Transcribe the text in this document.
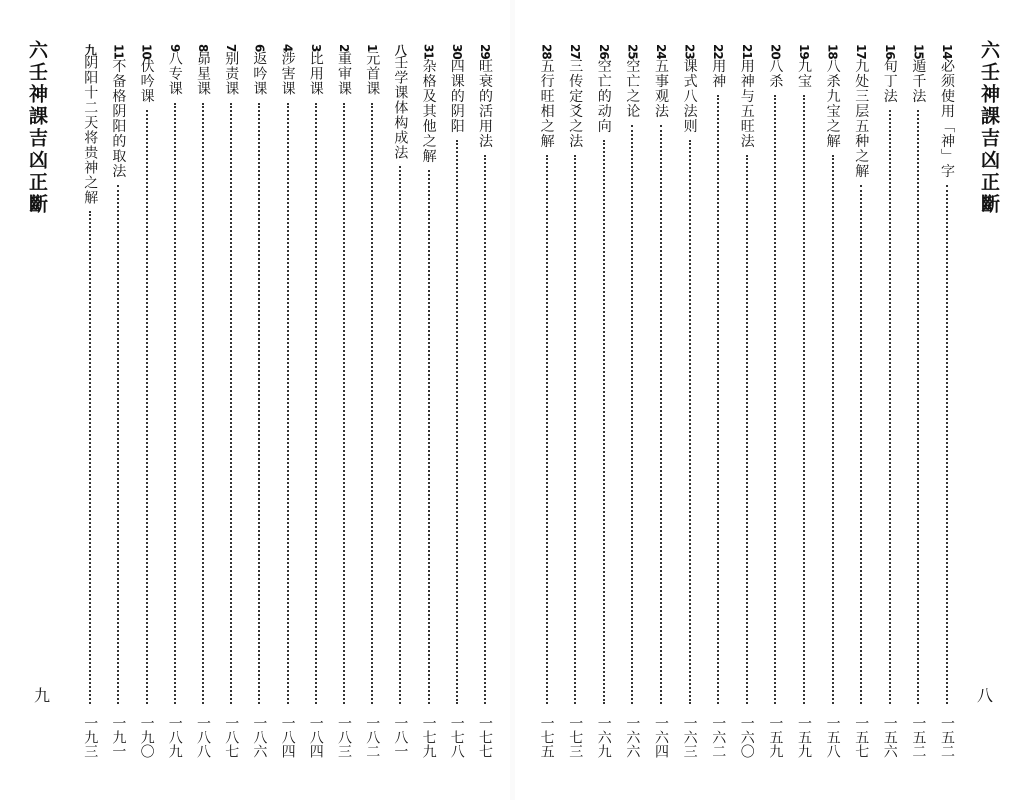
六壬神課吉凶正斷
九
29旺衰的活用法
一七七
30四课的阴阳
一七八
31杂格及其他之解
一七九
八壬学课体构成法
一八一
1元首课
一八二
2重审课
一八三
3比用课
一八四
4涉害课
一八四
6返吟课
一八六
7别责课
一八七
8昴星课
一八八
9八专课
一八九
10伏吟课
一九〇
11不备格阴阳的取法
一九一
九阴阳十二天将贵神之解
一九三
六壬神課吉凶正斷
八
14必须使用「神」字
一五二
15遁千法
一五二
16旬丁法
一五六
17九处三层五种之解
一五七
18八杀九宝之解
一五八
19九宝
一五九
20八杀
一五九
21用神与五旺法
一六〇
22用神
一六二
23课式八法则
一六三
24五事观法
一六四
25空亡之论
一六六
26空亡的动向
一六九
27三传定爻之法
一七三
28五行旺相之解
一七五
